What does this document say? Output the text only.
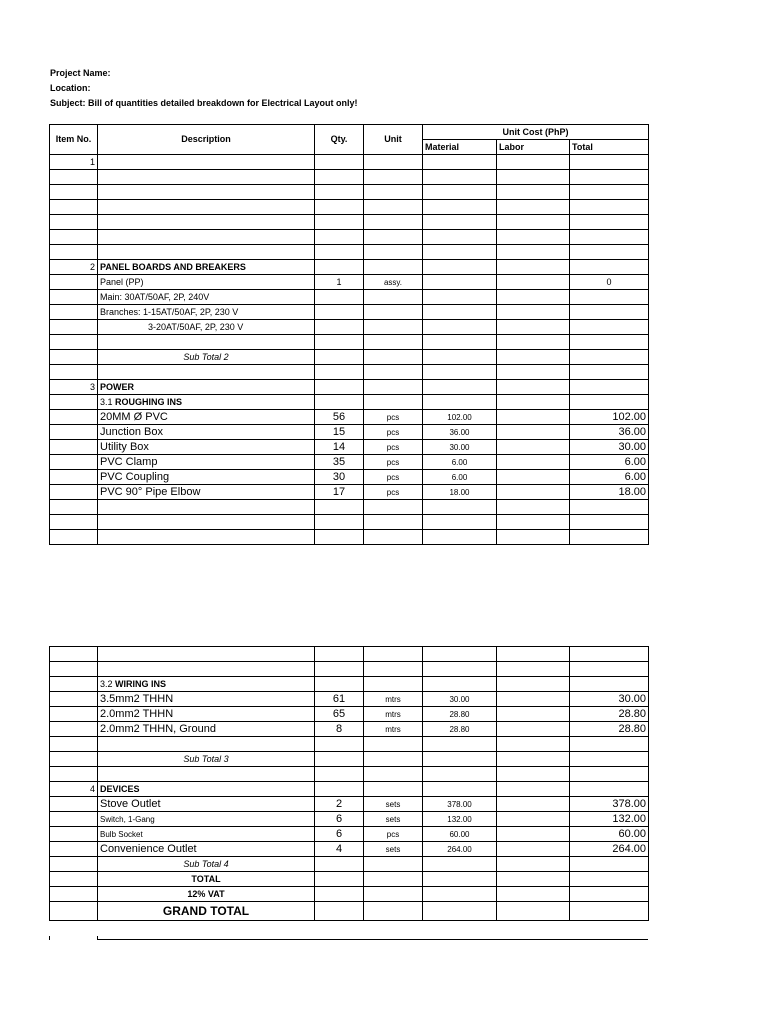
Project Name:
Location:
Subject: Bill of quantities detailed breakdown for Electrical Layout only!
Item No.	Description	Qty.	Unit	Unit Cost (PhP)		
				Material	Labor	Total
1						

2	PANEL BOARDS AND BREAKERS					
	Panel (PP)	1	assy.			0
	Main: 30AT/50AF, 2P, 240V					
	Branches: 1-15AT/50AF, 2P, 230 V					
	3-20AT/50AF, 2P, 230 V					

	Sub Total 2					

3	POWER					
	3.1 ROUGHING INS					
	20MM Ø PVC	56	pcs	102.00		102.00
	Junction Box	15	pcs	36.00		36.00
	Utility Box	14	pcs	30.00		30.00
	PVC Clamp	35	pcs	6.00		6.00
	PVC Coupling	30	pcs	6.00		6.00
	PVC 90° Pipe Elbow	17	pcs	18.00		18.00

	3.2 WIRING INS					
	3.5mm2 THHN	61	mtrs	30.00		30.00
	2.0mm2 THHN	65	mtrs	28.80		28.80
	2.0mm2 THHN, Ground	8	mtrs	28.80		28.80

	Sub Total 3					

4	DEVICES					
	Stove Outlet	2	sets	378.00		378.00
	Switch, 1-Gang	6	sets	132.00		132.00
	Bulb Socket	6	pcs	60.00		60.00
	Convenience Outlet	4	sets	264.00		264.00
	Sub Total 4					
	TOTAL					
	12% VAT					
	GRAND TOTAL					
